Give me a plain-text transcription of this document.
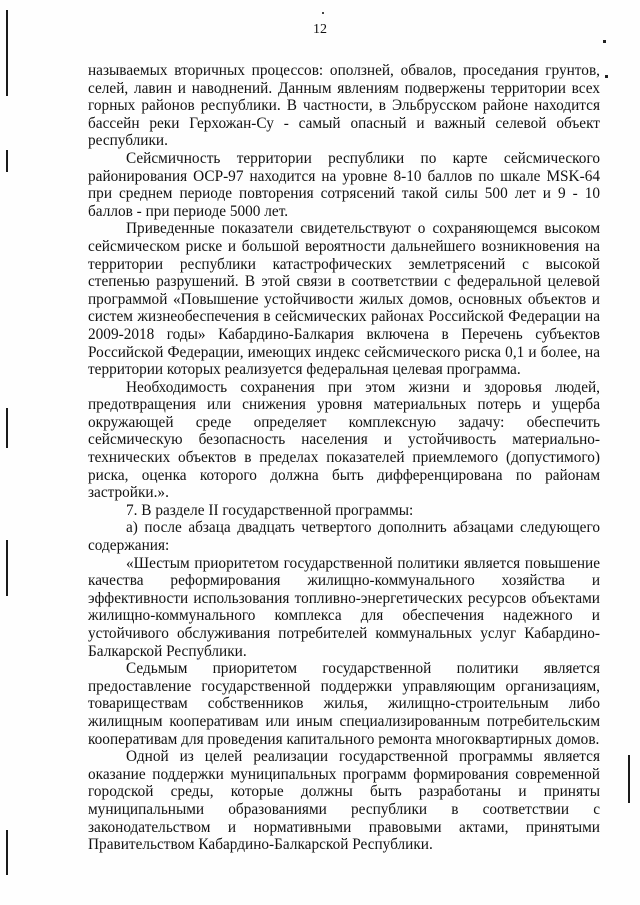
12

называемых вторичных процессов: оползней, обвалов, проседания грунтов, селей, лавин и наводнений. Данным явлениям подвержены территории всех горных районов республики. В частности, в Эльбрусском районе находится бассейн реки Герхожан-Су - самый опасный и важный селевой объект республики.

Сейсмичность территории республики по карте сейсмического районирования ОСР-97 находится на уровне 8-10 баллов по шкале MSK-64 при среднем периоде повторения сотрясений такой силы 500 лет и 9 - 10 баллов - при периоде 5000 лет.

Приведенные показатели свидетельствуют о сохраняющемся высоком сейсмическом риске и большой вероятности дальнейшего возникновения на территории республики катастрофических землетрясений с высокой степенью разрушений. В этой связи в соответствии с федеральной целевой программой «Повышение устойчивости жилых домов, основных объектов и систем жизнеобеспечения в сейсмических районах Российской Федерации на 2009-2018 годы» Кабардино-Балкария включена в Перечень субъектов Российской Федерации, имеющих индекс сейсмического риска 0,1 и более, на территории которых реализуется федеральная целевая программа.

Необходимость сохранения при этом жизни и здоровья людей, предотвращения или снижения уровня материальных потерь и ущерба окружающей среде определяет комплексную задачу: обеспечить сейсмическую безопасность населения и устойчивость материально-технических объектов в пределах показателей приемлемого (допустимого) риска, оценка которого должна быть дифференцирована по районам застройки.».

7. В разделе II государственной программы:

а) после абзаца двадцать четвертого дополнить абзацами следующего содержания:

«Шестым приоритетом государственной политики является повышение качества реформирования жилищно-коммунального хозяйства и эффективности использования топливно-энергетических ресурсов объектами жилищно-коммунального комплекса для обеспечения надежного и устойчивого обслуживания потребителей коммунальных услуг Кабардино-Балкарской Республики.

Седьмым приоритетом государственной политики является предоставление государственной поддержки управляющим организациям, товариществам собственников жилья, жилищно-строительным либо жилищным кооперативам или иным специализированным потребительским кооперативам для проведения капитального ремонта многоквартирных домов.

Одной из целей реализации государственной программы является оказание поддержки муниципальных программ формирования современной городской среды, которые должны быть разработаны и приняты муниципальными образованиями республики в соответствии с законодательством и нормативными правовыми актами, принятыми Правительством Кабардино-Балкарской Республики.
